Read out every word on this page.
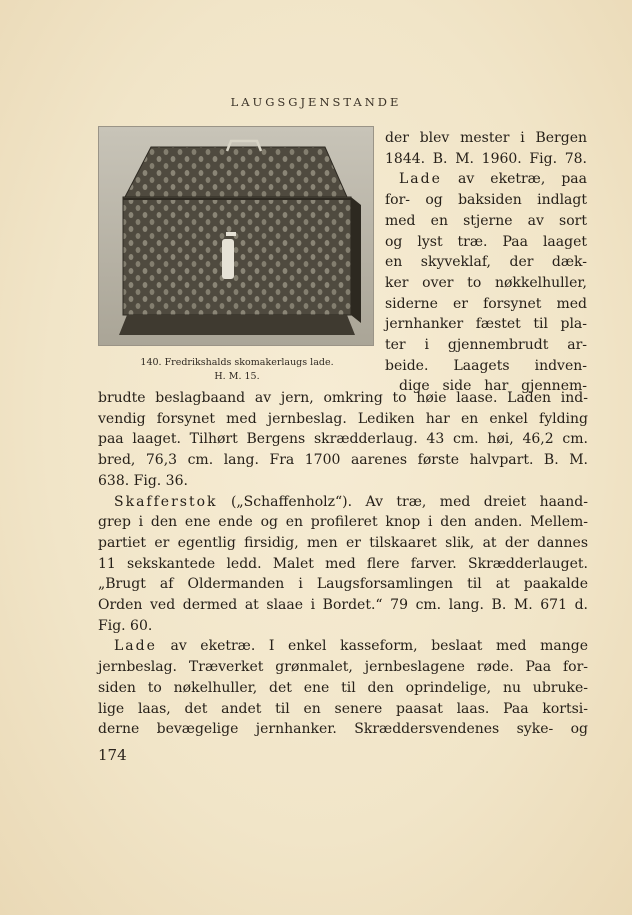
LAUGSGJENSTANDE
140. Fredrikshalds skomakerlaugs lade.
H. M. 15.
der blev mester i Bergen
1844. B. M. 1960. Fig. 78.
Lade av eketræ, paa
for- og baksiden indlagt
med en stjerne av sort
og lyst træ. Paa laaget
en skyveklaf, der dæk-
ker over to nøkkelhuller,
siderne er forsynet med
jernhanker fæstet til pla-
ter i gjennembrudt ar-
beide. Laagets indven-
dige side har gjennem-
brudte beslagbaand av jern, omkring to høie laase. Laden ind-
vendig forsynet med jernbeslag. Lediken har en enkel fylding
paa laaget. Tilhørt Bergens skrædderlaug. 43 cm. høi, 46,2 cm.
bred, 76,3 cm. lang. Fra 1700 aarenes første halvpart. B. M.
638. Fig. 36.
Skafferstok („Schaffenholz“). Av træ, med dreiet haand-
grep i den ene ende og en profileret knop i den anden. Mellem-
partiet er egentlig firsidig, men er tilskaaret slik, at der dannes
11 sekskantede ledd. Malet med flere farver. Skrædderlauget.
„Brugt af Oldermanden i Laugsforsamlingen til at paakalde
Orden ved dermed at slaae i Bordet.“ 79 cm. lang. B. M. 671 d.
Fig. 60.
Lade av eketræ. I enkel kasseform, beslaat med mange
jernbeslag. Træverket grønmalet, jernbeslagene røde. Paa for-
siden to nøkelhuller, det ene til den oprindelige, nu ubruke-
lige laas, det andet til en senere paasat laas. Paa kortsi-
derne bevægelige jernhanker. Skræddersvendenes syke- og
174
